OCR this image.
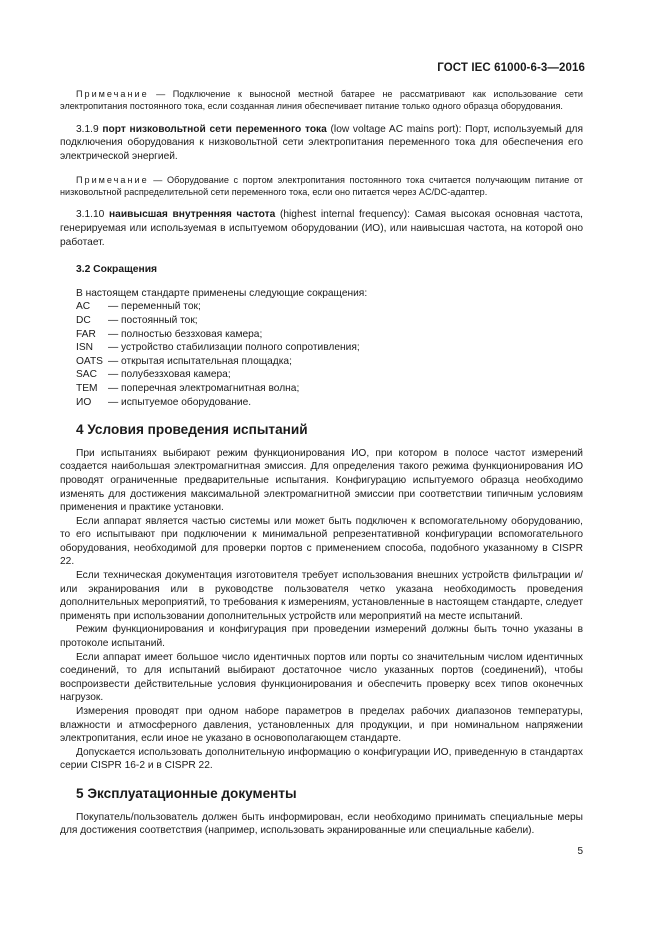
ГОСТ IEC 61000-6-3—2016

Примечание — Подключение к выносной местной батарее не рассматривают как использование сети электропитания постоянного тока, если созданная линия обеспечивает питание только одного образца оборудования.

3.1.9 порт низковольтной сети переменного тока (low voltage AC mains port): Порт, используемый для подключения оборудования к низковольтной сети электропитания переменного тока для обеспечения его электрической энергией.

Примечание — Оборудование с портом электропитания постоянного тока считается получающим питание от низковольтной распределительной сети переменного тока, если оно питается через AC/DC-адаптер.

3.1.10 наивысшая внутренняя частота (highest internal frequency): Самая высокая основная частота, генерируемая или используемая в испытуемом оборудовании (ИО), или наивысшая частота, на которой оно работает.

3.2 Сокращения

В настоящем стандарте применены следующие сокращения:

AC	— переменный ток;
DC	— постоянный ток;
FAR	— полностью беззховая камера;
ISN	— устройство стабилизации полного сопротивления;
OATS — открытая испытательная площадка;
SAC	— полубеззховая камера;
TEM	— поперечная электромагнитная волна;
ИО	— испытуемое оборудование.
4 Условия проведения испытаний

При испытаниях выбирают режим функционирования ИО, при котором в полосе частот измерений создается наибольшая электромагнитная эмиссия. Для определения такого режима функционирования ИО проводят ограниченные предварительные испытания. Конфигурацию испытуемого образца необходимо изменять для достижения максимальной электромагнитной эмиссии при соответствии типичным условиям применения и практике установки.

Если аппарат является частью системы или может быть подключен к вспомогательному оборудованию, то его испытывают при подключении к минимальной репрезентативной конфигурации вспомогательного оборудования, необходимой для проверки портов с применением способа, подобного указанному в CISPR 22.

Если техническая документация изготовителя требует использования внешних устройств фильтрации и/или экранирования или в руководстве пользователя четко указана необходимость проведения дополнительных мероприятий, то требования к измерениям, установленные в настоящем стандарте, следует применять при использовании дополнительных устройств или мероприятий на месте испытаний.

Режим функционирования и конфигурация при проведении измерений должны быть точно указаны в протоколе испытаний.

Если аппарат имеет большое число идентичных портов или порты со значительным числом идентичных соединений, то для испытаний выбирают достаточное число указанных портов (соединений), чтобы воспроизвести действительные условия функционирования и обеспечить проверку всех типов оконечных нагрузок.

Измерения проводят при одном наборе параметров в пределах рабочих диапазонов температуры, влажности и атмосферного давления, установленных для продукции, и при номинальном напряжении электропитания, если иное не указано в основополагающем стандарте.

Допускается использовать дополнительную информацию о конфигурации ИО, приведенную в стандартах серии CISPR 16-2 и в CISPR 22.

5 Эксплуатационные документы

Покупатель/пользователь должен быть информирован, если необходимо принимать специальные меры для достижения соответствия (например, использовать экранированные или специальные кабели).

5
